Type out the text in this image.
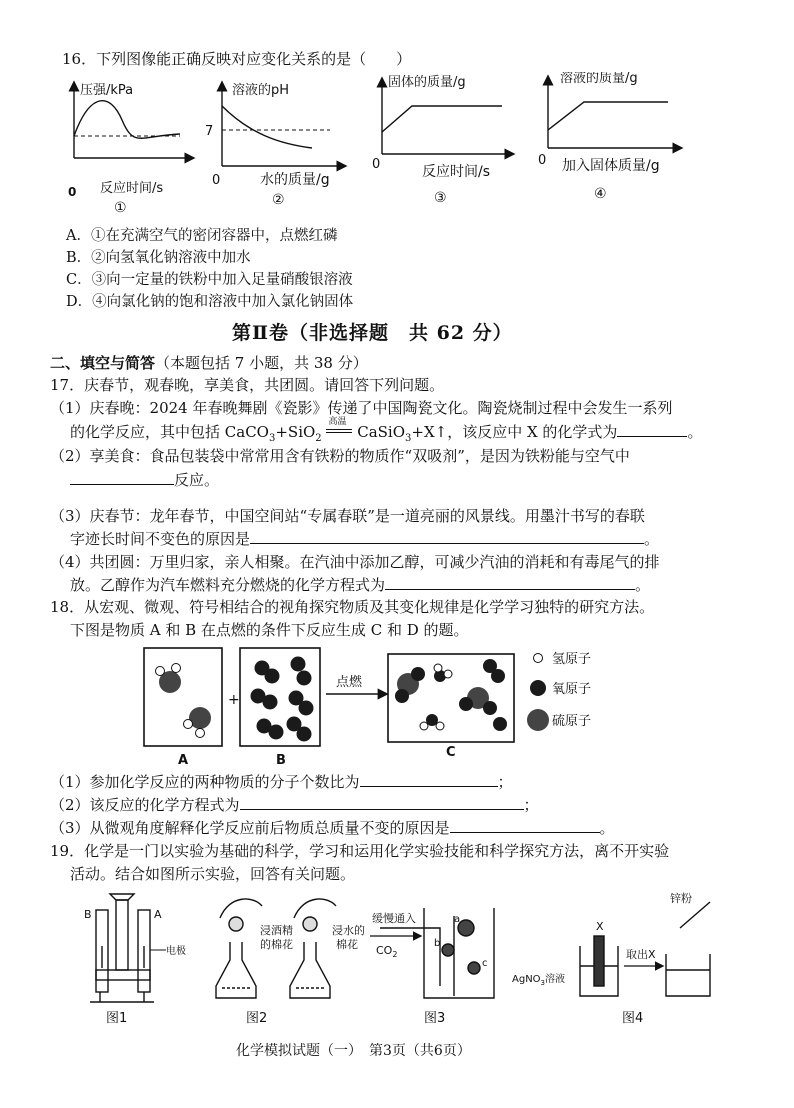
16．下列图像能正确反映对应变化关系的是（　　）
压强/kPa
0 反应时间/s
①
溶液的pH
7
0	水的质量/g
②
固体的质量/g
0	反应时间/s
③
溶液的质量/g
0 加入固体质量/g
④
A．①在充满空气的密闭容器中，点燃红磷
B．②向氢氧化钠溶液中加水
C．③向一定量的铁粉中加入足量硝酸银溶液
D．④向氯化钠的饱和溶液中加入氯化钠固体
第Ⅱ卷（非选择题　共 62 分）
二、填空与简答（本题包括 7 小题，共 38 分）
17．庆春节，观春晚，享美食，共团圆。请回答下列问题。
（1）庆春晚：2024 年春晚舞剧《瓷影》传递了中国陶瓷文化。陶瓷烧制过程中会发生一系列
的化学反应，其中包括 CaCO$_3$+SiO$_2$
高温
CaSiO$_3$+X↑，该反应中 X 的化学式为	。
（2）享美食：食品包装袋中常常用含有铁粉的物质作“双吸剂”，是因为铁粉能与空气中
反应。
（3）庆春节：龙年春节，中国空间站“专属春联”是一道亮丽的风景线。用墨汁书写的春联
字迹长时间不变色的原因是	。
（4）共团圆：万里归家，亲人相聚。在汽油中添加乙醇，可减少汽油的消耗和有毒尾气的排
放。乙醇作为汽车燃料充分燃烧的化学方程式为	。
18．从宏观、微观、符号相结合的视角探究物质及其变化规律是化学学习独特的研究方法。
下图是物质 A 和 B 在点燃的条件下反应生成 C 和 D 的题。
A
+
B
点燃
C
氢原子
氧原子
硫原子
（1）参加化学反应的两种物质的分子个数比为	；
（2）该反应的化学方程式为	；
（3）从微观角度解释化学反应前后物质总质量不变的原因是	。
19．化学是一门以实验为基础的科学，学习和运用化学实验技能和科学探究方法，离不开实验
活动。结合如图所示实验，回答有关问题。
B	A
电极
图1
浸酒精
的棉花
浸水的
棉花
图2
缓慢通入
$CO_2$
a
b
c
图3
X
AgNO$_3$溶液
取出X
锌粉
图4
化学模拟试题（一）　第3页（共6页）
